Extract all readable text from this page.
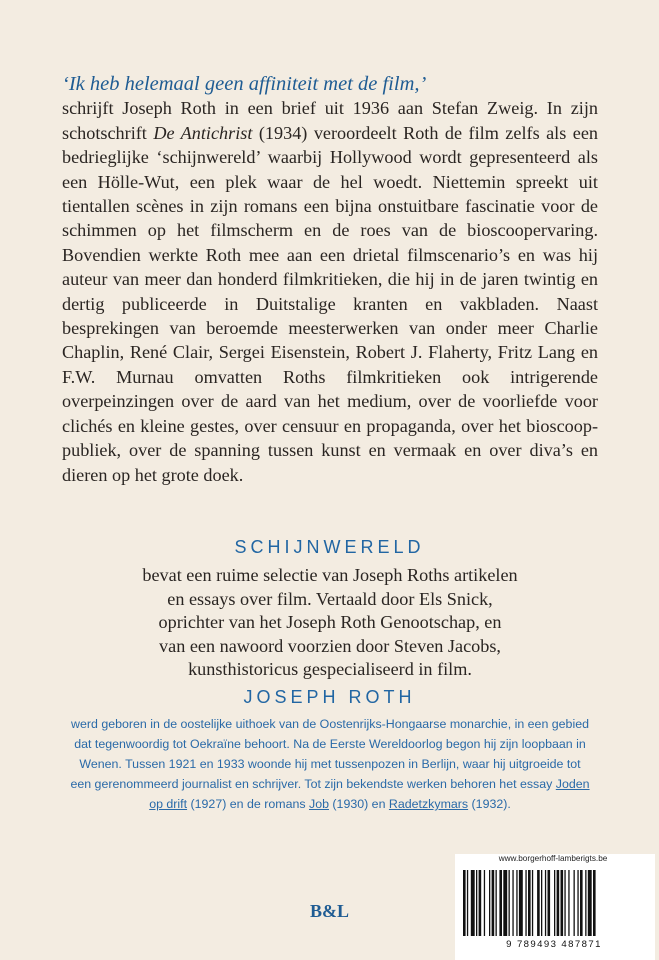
‘Ik heb helemaal geen affiniteit met de film,’

schrijft Joseph Roth in een brief uit 1936 aan Stefan Zweig. In zijn schotschrift De Antichrist (1934) veroordeelt Roth de film zelfs als een bedrieglijke ‘schijnwereld’ waarbij Hollywood wordt gepresenteerd als een Hölle-Wut, een plek waar de hel woedt. Niettemin spreekt uit tientallen scènes in zijn romans een bijna onstuitbare fascinatie voor de schimmen op het filmscherm en de roes van de bioscoopervaring. Bovendien werkte Roth mee aan een drietal filmscenario’s en was hij auteur van meer dan honderd filmkritieken, die hij in de jaren twintig en dertig publiceerde in Duitstalige kranten en vakbladen. Naast besprekingen van beroemde meesterwerken van onder meer Charlie Chaplin, René Clair, Sergei Eisenstein, Robert J. Flaherty, Fritz Lang en F.W. Murnau omvatten Roths filmkritieken ook intrigerende overpeinzingen over de aard van het medium, over de voorliefde voor clichés en kleine gestes, over censuur en propaganda, over het bioscooppubliek, over de spanning tussen kunst en vermaak en over diva’s en dieren op het grote doek.

SCHIJNWERELD
bevat een ruime selectie van Joseph Roths artikelen
en essays over film. Vertaald door Els Snick,
oprichter van het Joseph Roth Genootschap, en
van een nawoord voorzien door Steven Jacobs,
kunsthistoricus gespecialiseerd in film.
JOSEPH ROTH
werd geboren in de oostelijke uithoek van de Oostenrijks-Hongaarse monarchie, in een gebied dat tegenwoordig tot Oekraïne behoort. Na de Eerste Wereldoorlog begon hij zijn loopbaan in Wenen. Tussen 1921 en 1933 woonde hij met tussenpozen in Berlijn, waar hij uitgroeide tot een gerenommeerd journalist en schrijver. Tot zijn bekendste werken behoren het essay Joden op drift (1927) en de romans Job (1930) en Radetzkymars (1932).
B&L
www.borgerhoff-lamberigts.be
9 789493 487871
